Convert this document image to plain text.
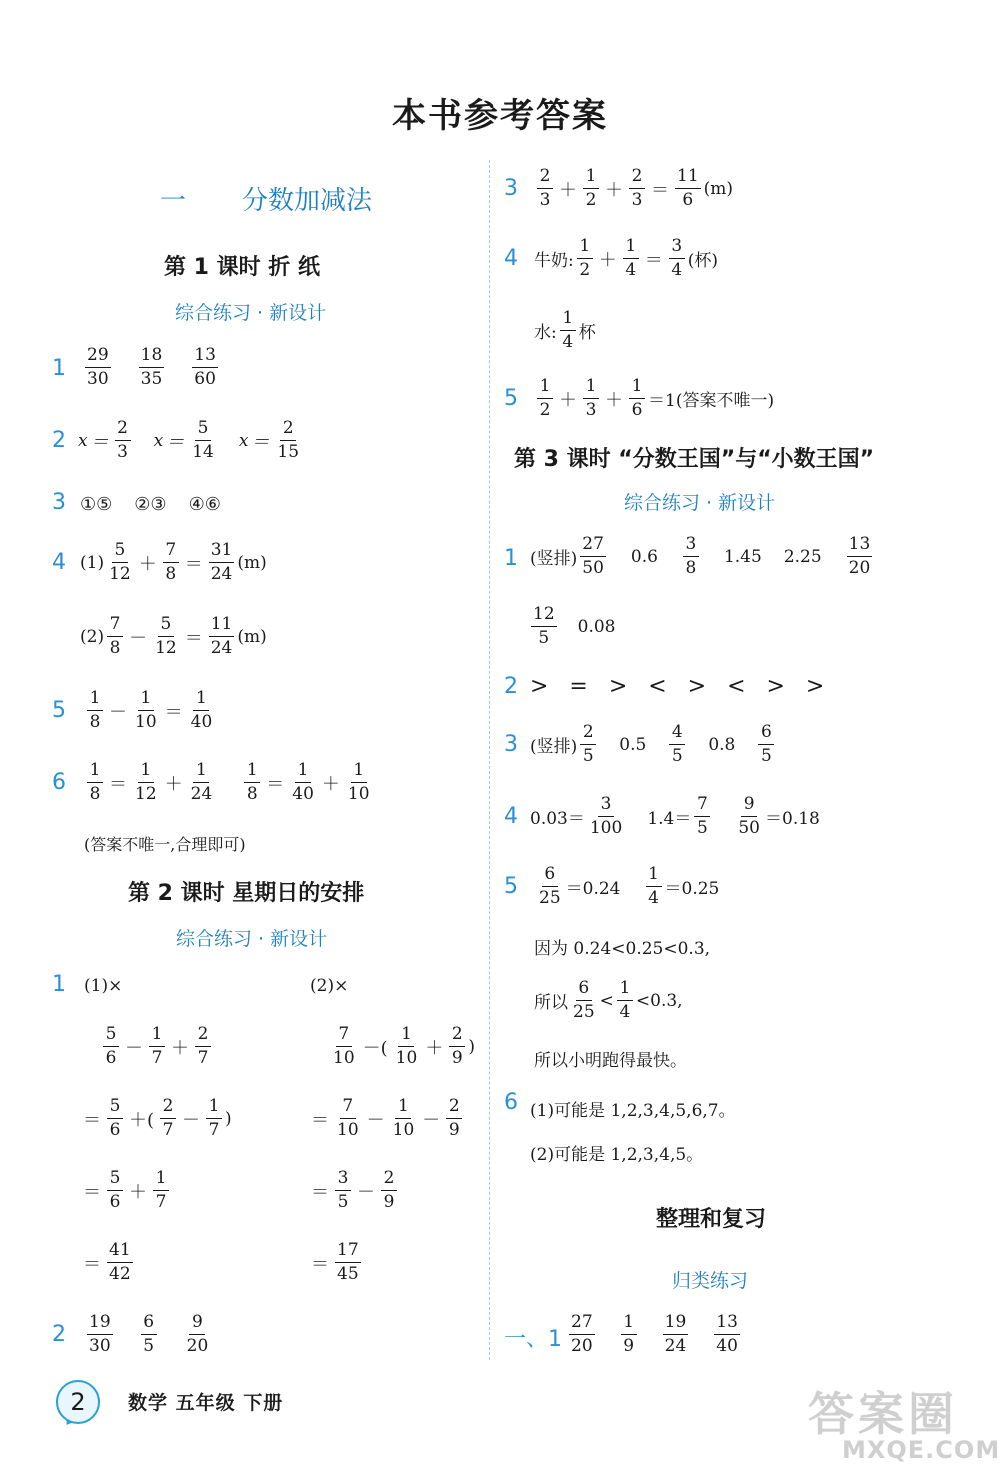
本书参考答案
一 分数加减法
第 1 课时 折 纸
综合练习 · 新设计
$1 \frac{29}{30} \frac{18}{35} \frac{13}{60}$
2 $x = \frac{2}{3}$ $x = \frac{5}{14}$ $x = \frac{2}{15}$
3 ①⑤ ②③ ④⑥
4 $(1) \frac{5}{12} + \frac{7}{8} = \frac{31}{24} (m)$
$(2) \frac{7}{8} - \frac{5}{12} = \frac{11}{24} (m)$
$5 \frac{1}{8} - \frac{1}{10} = \frac{1}{40}$
$6 \frac{1}{8} = \frac{1}{12} + \frac{1}{24} \frac{1}{8} = \frac{1}{40} + \frac{1}{10}$
(答案不唯一,合理即可)
第 2 课时 星期日的安排
综合练习 · 新设计
1 (1)×	(2)×
$\frac{5}{6} - \frac{1}{7} + \frac{2}{7}$
＝ $\frac{5}{6}$ ＋( $\frac{2}{7} - \frac{1}{7}$ )
＝ $\frac{5}{6} + \frac{1}{7}$
＝ $\frac{41}{42}$
$\frac{7}{10}$ －( $\frac{1}{10} + \frac{2}{9}$ )
＝ $\frac{7}{10} - \frac{1}{10} - \frac{2}{9}$
＝ $\frac{3}{5} - \frac{2}{9}$
＝ $\frac{17}{45}$
$2 \frac{19}{30} \frac{6}{5} \frac{9}{20}$
$3 \frac{2}{3} + \frac{1}{2} + \frac{2}{3} = \frac{11}{6} (m)$
4 牛奶: $\frac{1}{2} + \frac{1}{4} = \frac{3}{4}$ (杯)
水: $\frac{1}{4}$ 杯
$5 \frac{1}{2} + \frac{1}{3} + \frac{1}{6} =1$(答案不唯一)
第 3 课时 “分数王国”与“小数王国”
综合练习 · 新设计
1 (竖排) $\frac{27}{50} 0.6 \frac{3}{8} 1.45$ $2.25 \frac{13}{20}$
$\frac{12}{5} 0.08$
2 >   =   >   <   >   <   >   >
3 (竖排) $\frac{2}{5} 0.5 \frac{4}{5} 0.8 \frac{6}{5}$
4 $0.03= \frac{3}{100} 1.4= \frac{7}{5} \frac{9}{50} =0.18$
$5 \frac{6}{25} =0.24 \frac{1}{4} =0.25$
因为 0.24<0.25<0.3,
所以 $\frac{6}{25} < \frac{1}{4} <0.3$,
所以小明跑得最快。
6 (1)可能是 1,2,3,4,5,6,7。
(2)可能是 1,2,3,4,5。
整理和复习
归类练习
一、$1 \frac{27}{20} \frac{1}{9} \frac{19}{24} \frac{13}{40}$
2	数学 五年级 下册	答案圈
MXQE.COM
